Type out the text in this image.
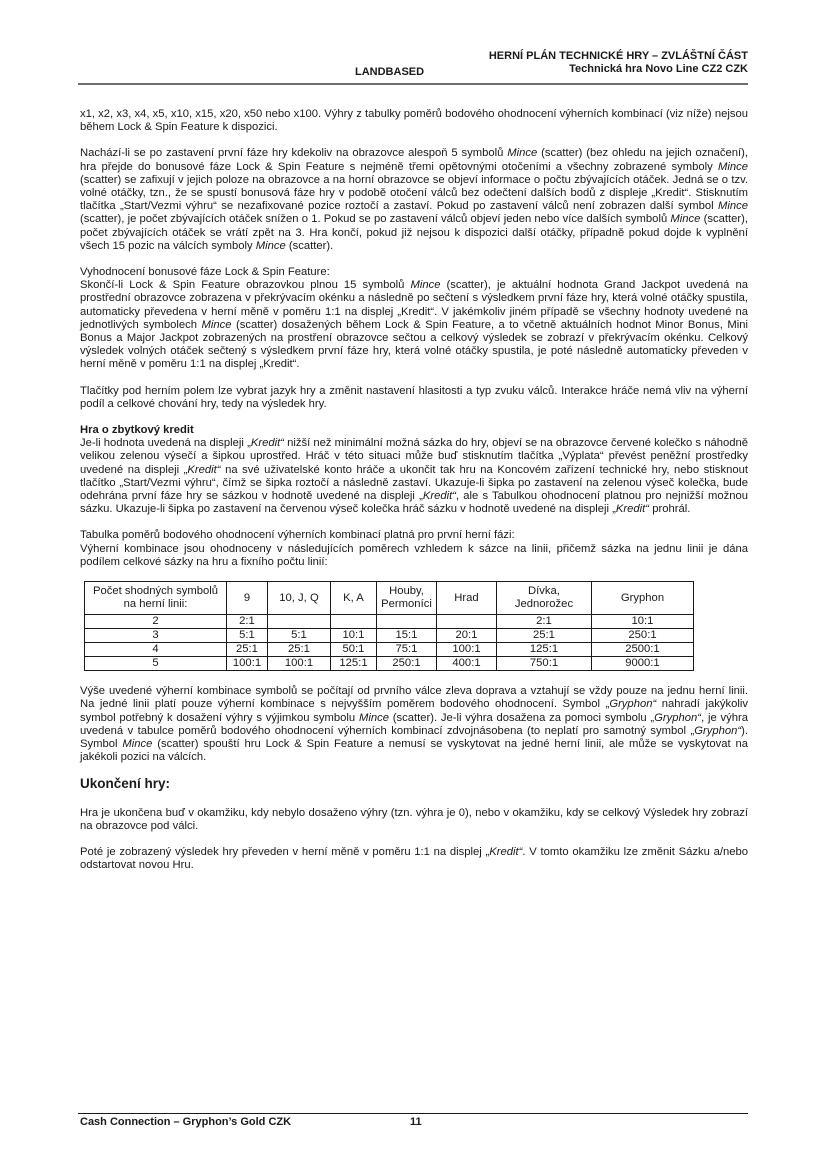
LANDBASED
HERNÍ PLÁN TECHNICKÉ HRY – ZVLÁŠTNÍ ČÁST
Technická hra Novo Line CZ2 CZK

x1, x2, x3, x4, x5, x10, x15, x20, x50 nebo x100. Výhry z tabulky poměrů bodového ohodnocení výherních kombinací (viz níže) nejsou během Lock & Spin Feature k dispozici.

Nachází-li se po zastavení první fáze hry kdekoliv na obrazovce alespoň 5 symbolů Mince (scatter) (bez ohledu na jejich označení), hra přejde do bonusové fáze Lock & Spin Feature s nejméně třemi opětovnými otočeními a všechny zobrazené symboly Mince (scatter) se zafixují v jejich poloze na obrazovce a na horní obrazovce se objeví informace o počtu zbývajících otáček. Jedná se o tzv. volné otáčky, tzn., že se spustí bonusová fáze hry v podobě otočení válců bez odečtení dalších bodů z displeje „Kredit“. Stisknutím tlačítka „Start/Vezmi výhru“ se nezafixované pozice roztočí a zastaví. Pokud po zastavení válců není zobrazen další symbol Mince (scatter), je počet zbývajících otáček snížen o 1. Pokud se po zastavení válců objeví jeden nebo více dalších symbolů Mince (scatter), počet zbývajících otáček se vrátí zpět na 3. Hra končí, pokud již nejsou k dispozici další otáčky, případně pokud dojde k vyplnění všech 15 pozic na válcích symboly Mince (scatter).

Vyhodnocení bonusové fáze Lock & Spin Feature:
Skončí-li Lock & Spin Feature obrazovkou plnou 15 symbolů Mince (scatter), je aktuální hodnota Grand Jackpot uvedená na prostřední obrazovce zobrazena v překrývacím okénku a následně po sečtení s výsledkem první fáze hry, která volné otáčky spustila, automaticky převedena v herní měně v poměru 1:1 na displej „Kredit“. V jakémkoliv jiném případě se všechny hodnoty uvedené na jednotlivých symbolech Mince (scatter) dosažených během Lock & Spin Feature, a to včetně aktuálních hodnot Minor Bonus, Mini Bonus a Major Jackpot zobrazených na prostření obrazovce sečtou a celkový výsledek se zobrazí v překrývacím okénku. Celkový výsledek volných otáček sečtený s výsledkem první fáze hry, která volné otáčky spustila, je poté následně automaticky převeden v herní měně v poměru 1:1 na displej „Kredit“.

Tlačítky pod herním polem lze vybrat jazyk hry a změnit nastavení hlasitosti a typ zvuku válců. Interakce hráče nemá vliv na výherní podíl a celkové chování hry, tedy na výsledek hry.

Hra o zbytkový kredit

Je-li hodnota uvedená na displeji „Kredit“ nižší než minimální možná sázka do hry, objeví se na obrazovce červené kolečko s náhodně velikou zelenou výsečí a šipkou uprostřed. Hráč v této situaci může buď stisknutím tlačítka „Výplata“ převést peněžní prostředky uvedené na displeji „Kredit“ na své uživatelské konto hráče a ukončit tak hru na Koncovém zařízení technické hry, nebo stisknout tlačítko „Start/Vezmi výhru“, čímž se šipka roztočí a následně zastaví. Ukazuje-li šipka po zastavení na zelenou výseč kolečka, bude odehrána první fáze hry se sázkou v hodnotě uvedené na displeji „Kredit“, ale s Tabulkou ohodnocení platnou pro nejnižší možnou sázku. Ukazuje-li šipka po zastavení na červenou výseč kolečka hráč sázku v hodnotě uvedené na displeji „Kredit“ prohrál.

Tabulka poměrů bodového ohodnocení výherních kombinací platná pro první herní fázi:
Výherní kombinace jsou ohodnoceny v následujících poměrech vzhledem k sázce na linii, přičemž sázka na jednu linii je dána podílem celkové sázky na hru a fixního počtu linií:

Počet shodných symbolů na herní linii:	9	10, J, Q	K, A	Houby, Permoníci	Hrad	Dívka, Jednorožec	Gryphon
2	2:1					2:1	10:1
3	5:1	5:1	10:1	15:1	20:1	25:1	250:1
4	25:1	25:1	50:1	75:1	100:1	125:1	2500:1
5	100:1	100:1	125:1	250:1	400:1	750:1	9000:1

Výše uvedené výherní kombinace symbolů se počítají od prvního válce zleva doprava a vztahují se vždy pouze na jednu herní linii. Na jedné linii platí pouze výherní kombinace s nejvyšším poměrem bodového ohodnocení. Symbol „Gryphon“ nahradí jakýkoliv symbol potřebný k dosažení výhry s výjimkou symbolu Mince (scatter). Je-li výhra dosažena za pomoci symbolu „Gryphon“, je výhra uvedená v tabulce poměrů bodového ohodnocení výherních kombinací zdvojnásobena (to neplatí pro samotný symbol „Gryphon“). Symbol Mince (scatter) spouští hru Lock & Spin Feature a nemusí se vyskytovat na jedné herní linii, ale může se vyskytovat na jakékoli pozici na válcích.

Ukončení hry:

Hra je ukončena buď v okamžiku, kdy nebylo dosaženo výhry (tzn. výhra je 0), nebo v okamžiku, kdy se celkový Výsledek hry zobrazí na obrazovce pod válci.

Poté je zobrazený výsledek hry převeden v herní měně v poměru 1:1 na displej „Kredit“. V tomto okamžiku lze změnit Sázku a/nebo odstartovat novou Hru.

Cash Connection – Gryphon’s Gold CZK	11
